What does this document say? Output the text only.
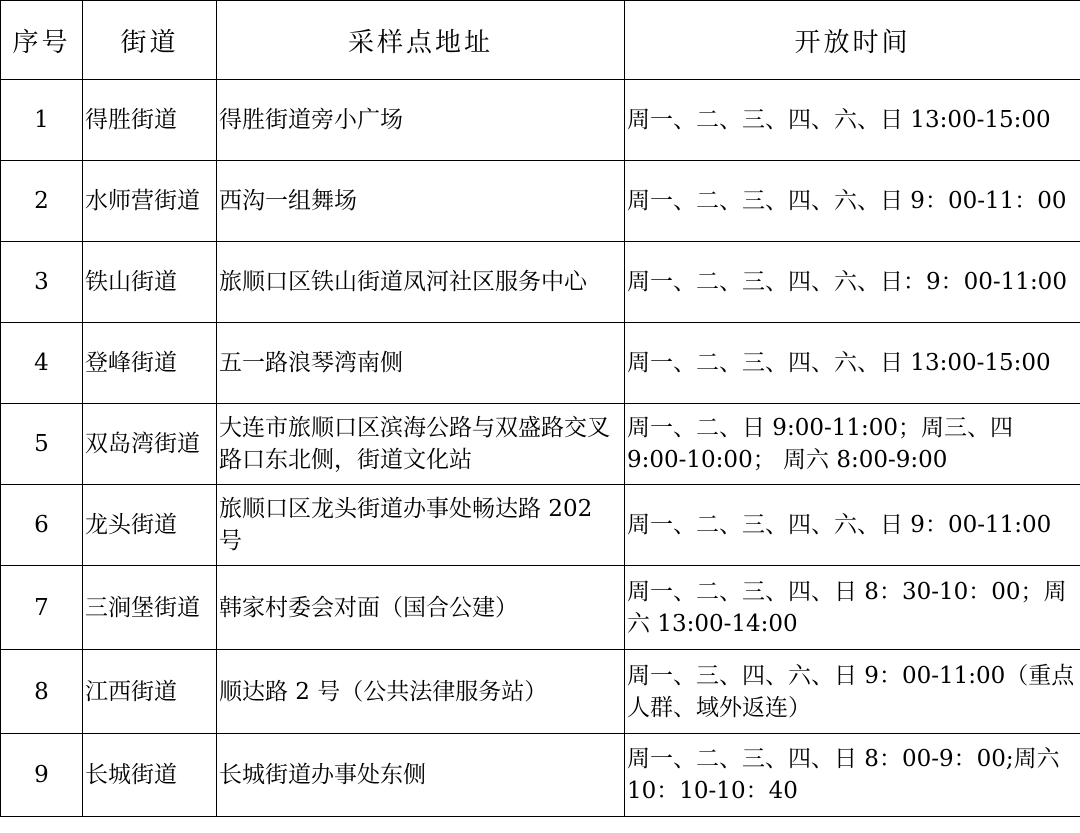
序号	街道	采样点地址	开放时间
1	得胜街道	得胜街道旁小广场	周一、二、三、四、六、日 13:00-15:00
2	水师营街道	西沟一组舞场	周一、二、三、四、六、日 9：00-11：00
3	铁山街道	旅顺口区铁山街道凤河社区服务中心	周一、二、三、四、六、日：9：00-11:00
4	登峰街道	五一路浪琴湾南侧	周一、二、三、四、六、日 13:00-15:00
5	双岛湾街道	大连市旅顺口区滨海公路与双盛路交叉路口东北侧，街道文化站	周一、二、日 9:00-11:00；周三、四 9:00-10:00； 周六 8:00-9:00
6	龙头街道	旅顺口区龙头街道办事处畅达路 202 号	周一、二、三、四、六、日 9：00-11:00
7	三涧堡街道	韩家村委会对面（国合公建）	周一、二、三、四、日 8：30-10：00；周六 13:00-14:00
8	江西街道	顺达路 2 号（公共法律服务站）	周一、三、四、六、日 9：00-11:00（重点人群、域外返连）
9	长城街道	长城街道办事处东侧	周一、二、三、四、日 8：00-9：00;周六 10：10-10：40
